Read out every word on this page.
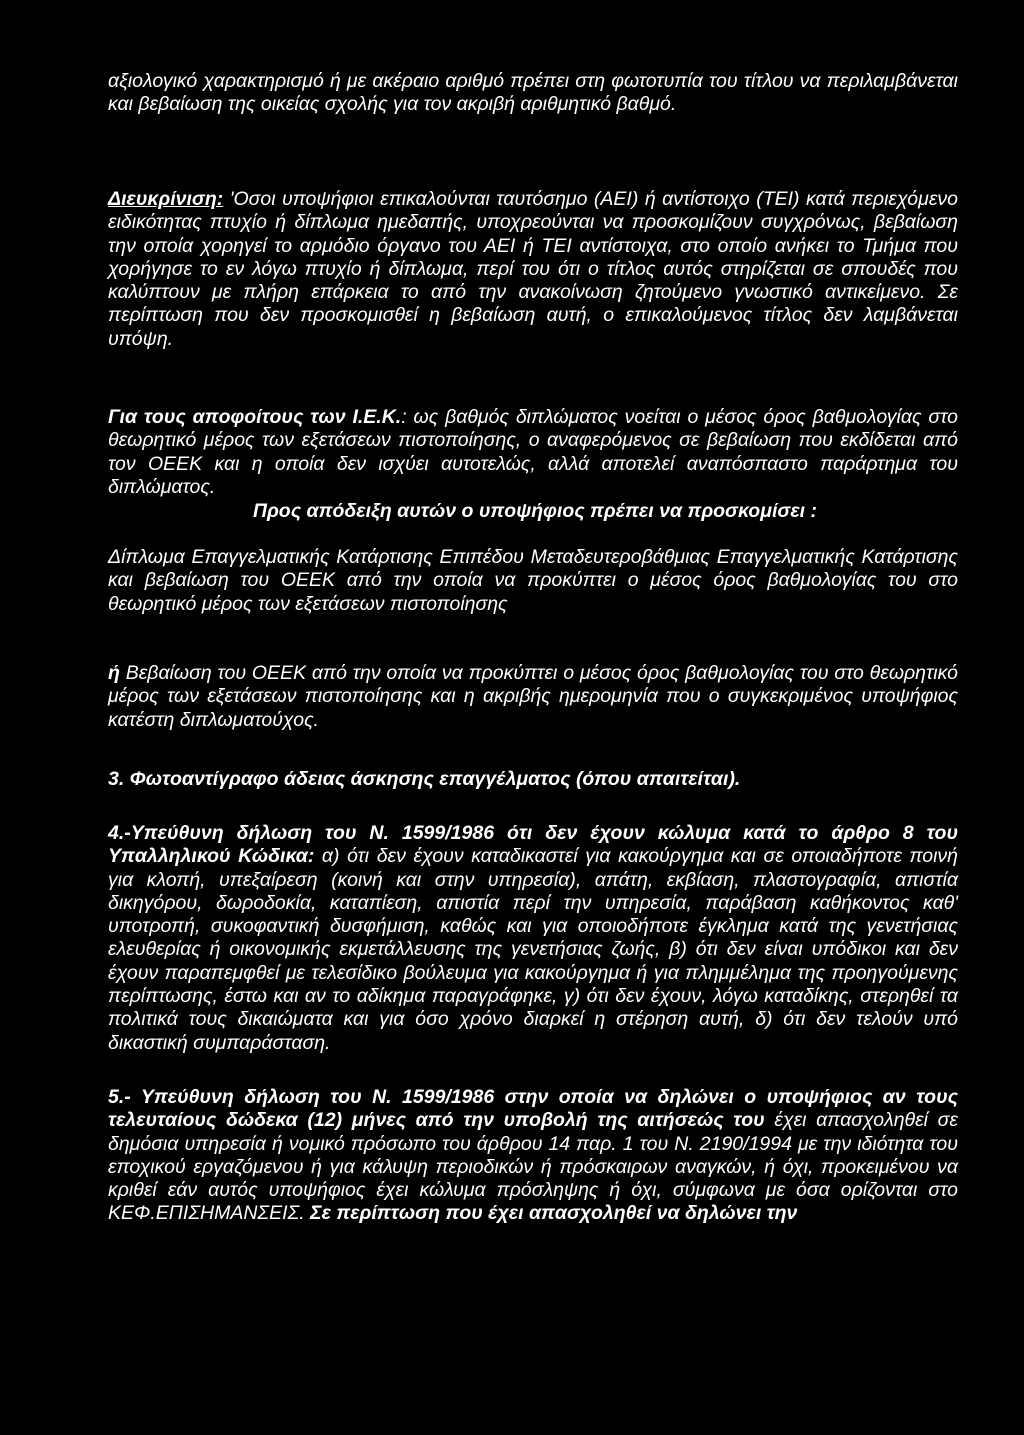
αξιολογικό χαρακτηρισμό ή με ακέραιο αριθμό πρέπει στη φωτοτυπία του τίτλου να περιλαμβάνεται και βεβαίωση της οικείας σχολής για τον ακριβή αριθμητικό βαθμό.

Διευκρίνιση: 'Οσοι υποψήφιοι επικαλούνται ταυτόσημο (ΑΕΙ) ή αντίστοιχο (ΤΕΙ) κατά περιεχόμενο ειδικότητας πτυχίο ή δίπλωμα ημεδαπής, υποχρεούνται να προσκομίζουν συγχρόνως, βεβαίωση την οποία χορηγεί το αρμόδιο όργανο του ΑΕΙ ή ΤΕΙ αντίστοιχα, στο οποίο ανήκει το Τμήμα που χορήγησε το εν λόγω πτυχίο ή δίπλωμα, περί του ότι ο τίτλος αυτός στηρίζεται σε σπουδές που καλύπτουν με πλήρη επάρκεια το από την ανακοίνωση ζητούμενο γνωστικό αντικείμενο. Σε περίπτωση που δεν προσκομισθεί η βεβαίωση αυτή, ο επικαλούμενος τίτλος δεν λαμβάνεται υπόψη.

Για τους αποφοίτους των Ι.Ε.Κ.: ως βαθμός διπλώματος νοείται ο μέσος όρος βαθμολογίας στο θεωρητικό μέρος των εξετάσεων πιστοποίησης, ο αναφερόμενος σε βεβαίωση που εκδίδεται από τον ΟΕΕΚ και η οποία δεν ισχύει αυτοτελώς, αλλά αποτελεί αναπόσπαστο παράρτημα του διπλώματος.

Προς απόδειξη αυτών ο υποψήφιος πρέπει να προσκομίσει :

Δίπλωμα Επαγγελματικής Κατάρτισης Επιπέδου Μεταδευτεροβάθμιας Επαγγελματικής Κατάρτισης και βεβαίωση του ΟΕΕΚ από την οποία να προκύπτει ο μέσος όρος βαθμολογίας του στο θεωρητικό μέρος των εξετάσεων πιστοποίησης

ή Βεβαίωση του ΟΕΕΚ από την οποία να προκύπτει ο μέσος όρος βαθμολογίας του στο θεωρητικό μέρος των εξετάσεων πιστοποίησης και η ακριβής ημερομηνία που ο συγκεκριμένος υποψήφιος κατέστη διπλωματούχος.

3. Φωτοαντίγραφο άδειας άσκησης επαγγέλματος (όπου απαιτείται).

4.-Υπεύθυνη δήλωση του Ν. 1599/1986 ότι δεν έχουν κώλυμα κατά το άρθρο 8 του Υπαλληλικού Κώδικα: α) ότι δεν έχουν καταδικαστεί για κακούργημα και σε οποιαδήποτε ποινή για κλοπή, υπεξαίρεση (κοινή και στην υπηρεσία), απάτη, εκβίαση, πλαστογραφία, απιστία δικηγόρου, δωροδοκία, καταπίεση, απιστία περί την υπηρεσία, παράβαση καθήκοντος καθ' υποτροπή, συκοφαντική δυσφήμιση, καθώς και για οποιοδήποτε έγκλημα κατά της γενετήσιας ελευθερίας ή οικονομικής εκμετάλλευσης της γενετήσιας ζωής, β) ότι δεν είναι υπόδικοι και δεν έχουν παραπεμφθεί με τελεσίδικο βούλευμα για κακούργημα ή για πλημμέλημα της προηγούμενης περίπτωσης, έστω και αν το αδίκημα παραγράφηκε, γ) ότι δεν έχουν, λόγω καταδίκης, στερηθεί τα πολιτικά τους δικαιώματα και για όσο χρόνο διαρκεί η στέρηση αυτή, δ) ότι δεν τελούν υπό δικαστική συμπαράσταση.

5.- Υπεύθυνη δήλωση του Ν. 1599/1986 στην οποία να δηλώνει ο υποψήφιος αν τους τελευταίους δώδεκα (12) μήνες από την υποβολή της αιτήσεώς του έχει απασχοληθεί σε δημόσια υπηρεσία ή νομικό πρόσωπο του άρθρου 14 παρ. 1 του Ν. 2190/1994 με την ιδιότητα του εποχικού εργαζόμενου ή για κάλυψη περιοδικών ή πρόσκαιρων αναγκών, ή όχι, προκειμένου να κριθεί εάν αυτός υποψήφιος έχει κώλυμα πρόσληψης ή όχι, σύμφωνα με όσα ορίζονται στο ΚΕΦ.ΕΠΙΣΗΜΑΝΣΕΙΣ. Σε περίπτωση που έχει απασχοληθεί να δηλώνει την
